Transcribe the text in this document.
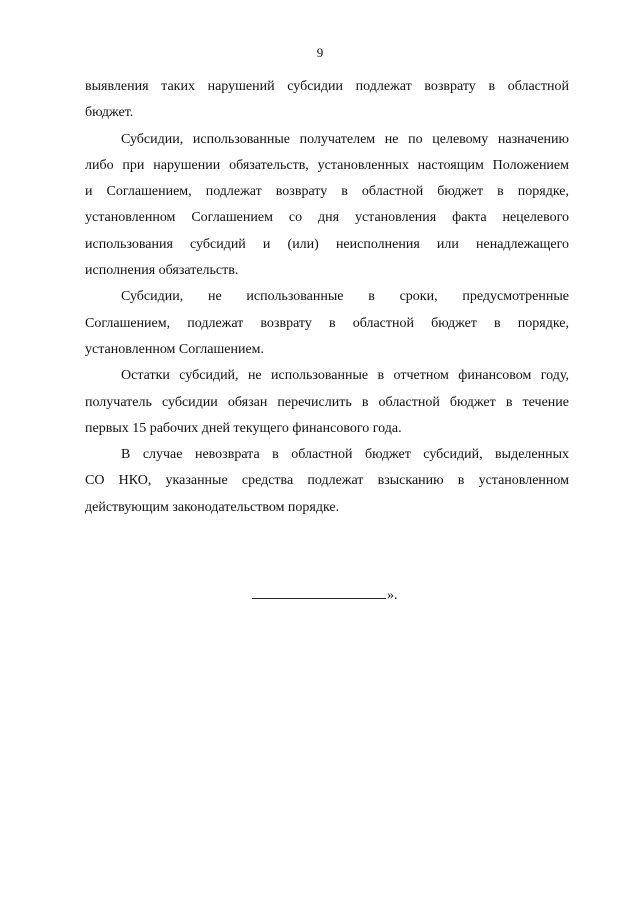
9
выявления таких нарушений субсидии подлежат возврату в областной
бюджет.
Субсидии, использованные получателем не по целевому назначению
либо при нарушении обязательств, установленных настоящим Положением
и Соглашением, подлежат возврату в областной бюджет в порядке,
установленном Соглашением со дня установления факта нецелевого
использования субсидий и (или) неисполнения или ненадлежащего
исполнения обязательств.
Субсидии, не использованные в сроки, предусмотренные
Соглашением, подлежат возврату в областной бюджет в порядке,
установленном Соглашением.
Остатки субсидий, не использованные в отчетном финансовом году,
получатель субсидии обязан перечислить в областной бюджет в течение
первых 15 рабочих дней текущего финансового года.
В случае невозврата в областной бюджет субсидий, выделенных
СО НКО, указанные средства подлежат взысканию в установленном
действующим законодательством порядке.
».
